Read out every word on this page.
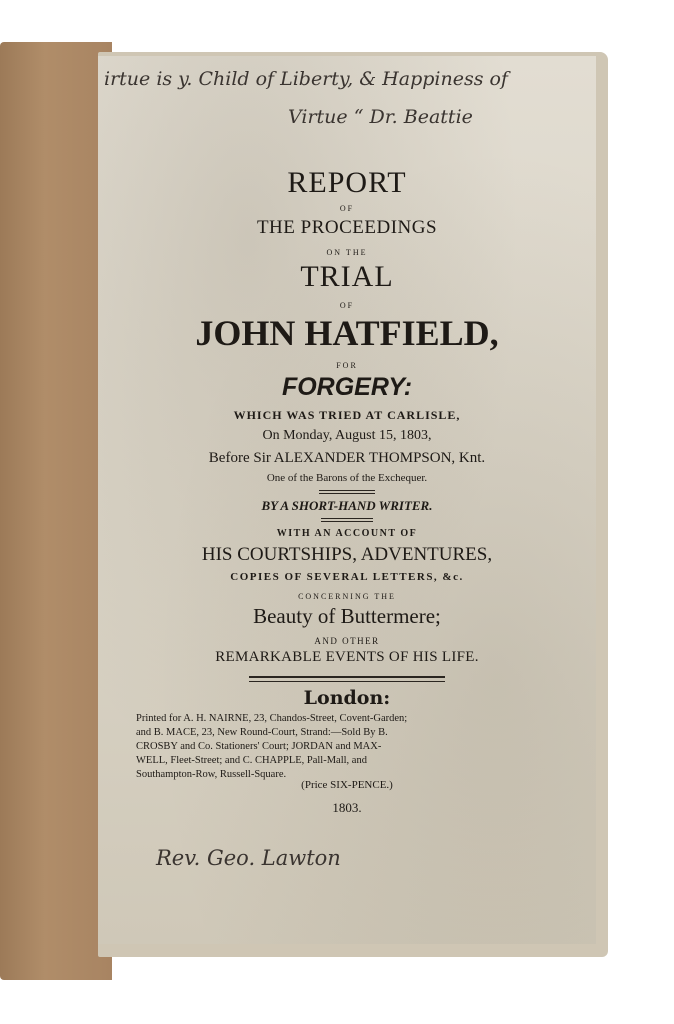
irtue is y. Child of Liberty, & Happiness of
Virtue “ Dr. Beattie
REPORT
OF
THE PROCEEDINGS
ON THE
TRIAL
OF
JOHN HATFIELD,
FOR
FORGERY:
WHICH WAS TRIED AT CARLISLE,
On Monday, August 15, 1803,
Before Sir ALEXANDER THOMPSON, Knt.
One of the Barons of the Exchequer.
BY A SHORT-HAND WRITER.
WITH AN ACCOUNT OF
HIS COURTSHIPS, ADVENTURES,
COPIES OF SEVERAL LETTERS, &c.
CONCERNING THE
Beauty of Buttermere;
AND OTHER
REMARKABLE EVENTS OF HIS LIFE.
London:
Printed for A. H. NAIRNE, 23, Chandos-Street, Covent-Garden;
and B. MACE, 23, New Round-Court, Strand:—Sold By B.
CROSBY and Co. Stationers' Court; JORDAN and MAX-
WELL, Fleet-Street; and C. CHAPPLE, Pall-Mall, and
Southampton-Row, Russell-Square.
(Price SIX-PENCE.)
1803.
Rev. Geo. Lawton
